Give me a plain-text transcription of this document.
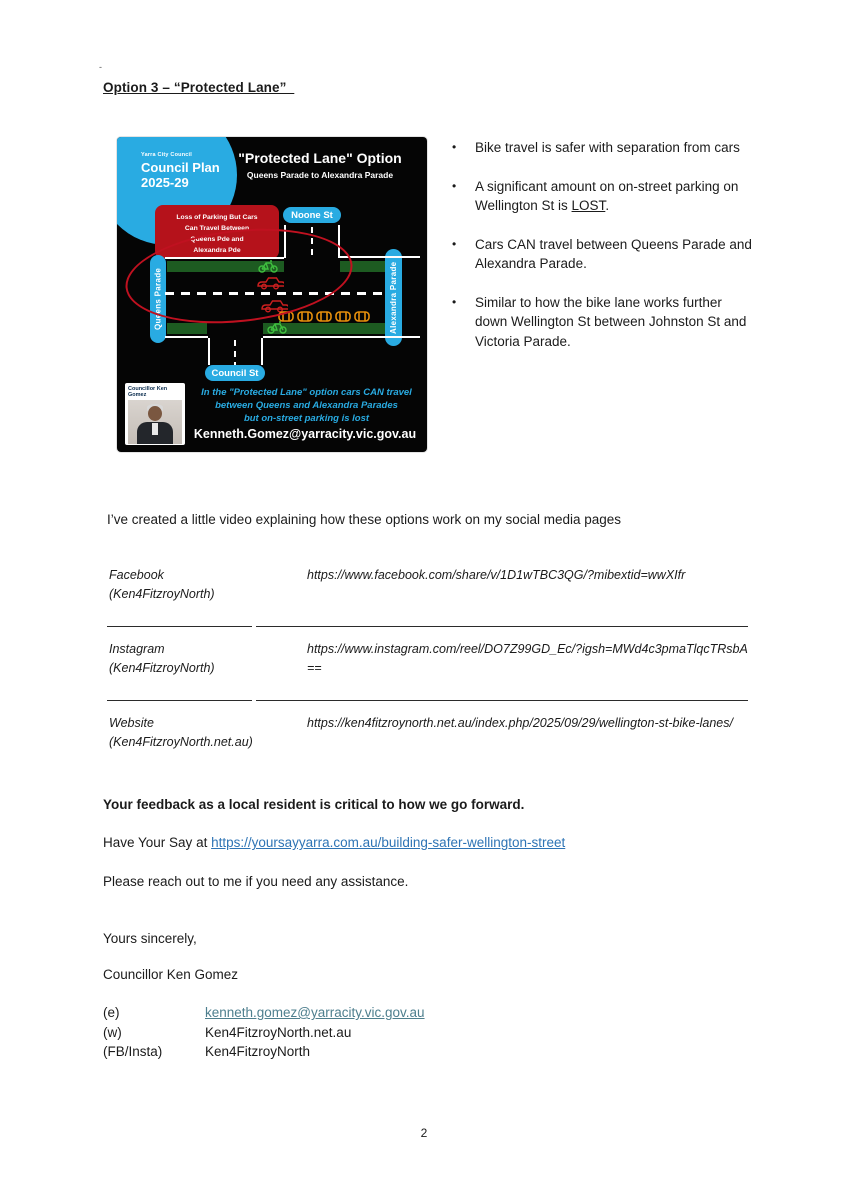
-
Option 3 – “Protected Lane”
Yarra City Council
Council Plan
2025-29
"Protected Lane" Option
Queens Parade to Alexandra Parade
Loss of Parking But Cars
Can Travel Between
Queens Pde and
Alexandra Pde
Noone St
Council St
Queens Parade	Alexandra Parade
Councillor Ken Gomez	In the "Protected Lane" option cars CAN travel
between Queens and Alexandra Parades
but on-street parking is lost
Kenneth.Gomez@yarracity.vic.gov.au
•	Bike travel is safer with separation from cars
•	A significant amount on on-street parking on Wellington St is LOST.
•	Cars CAN travel between Queens Parade and Alexandra Parade.
•	Similar to how the bike lane works further down Wellington St between Johnston St and Victoria Parade.
I’ve created a little video explaining how these options work on my social media pages
Facebook
(Ken4FitzroyNorth)
https://www.facebook.com/share/v/1D1wTBC3QG/?mibextid=wwXIfr
Instagram
(Ken4FitzroyNorth)
https://www.instagram.com/reel/DO7Z99GD_Ec/?igsh=MWd4c3pmaTlqcTRsbA==
Website
(Ken4FitzroyNorth.net.au)
https://ken4fitzroynorth.net.au/index.php/2025/09/29/wellington-st-bike-lanes/
Your feedback as a local resident is critical to how we go forward.
Have Your Say at https://yoursayyarra.com.au/building-safer-wellington-street
Please reach out to me if you need any assistance.
Yours sincerely,
Councillor Ken Gomez
(e)	kenneth.gomez@yarracity.vic.gov.au
(w)	Ken4FitzroyNorth.net.au
(FB/Insta)	Ken4FitzroyNorth
2
